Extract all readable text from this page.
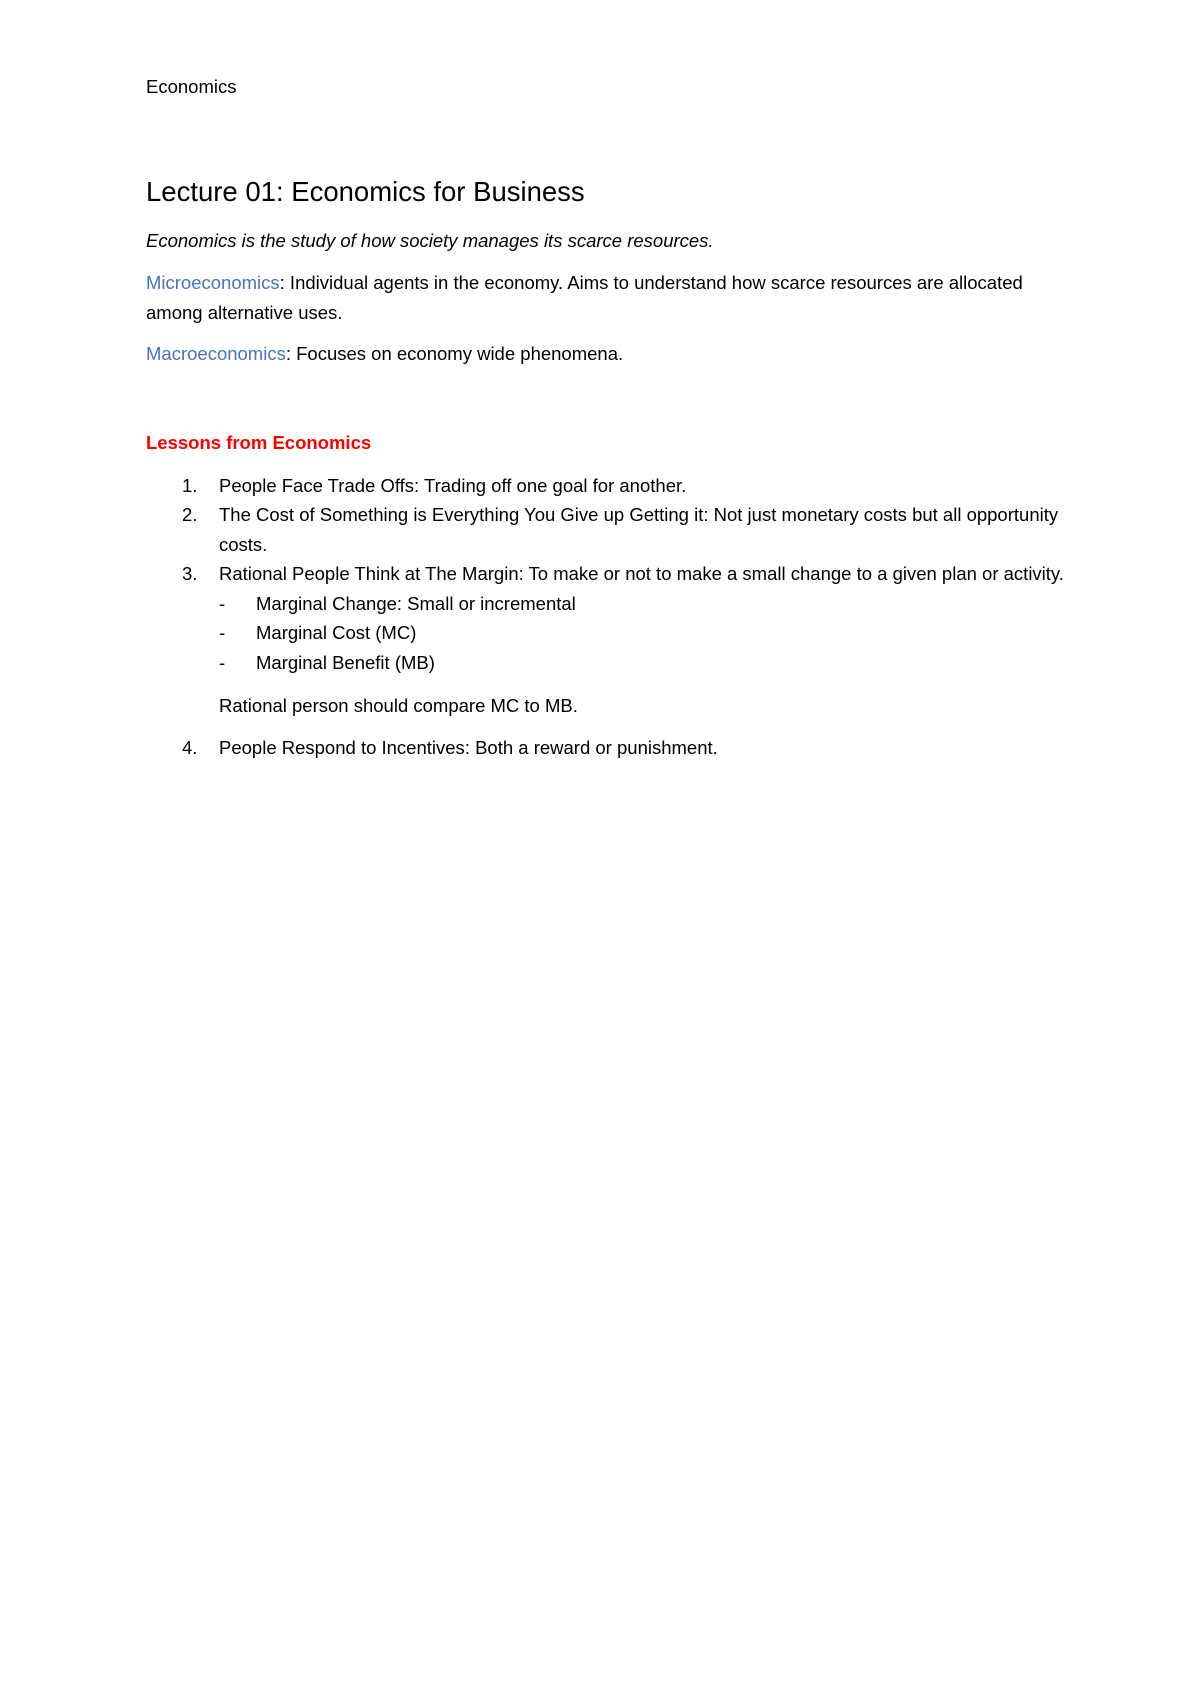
Economics

Lecture 01: Economics for Business

Economics is the study of how society manages its scarce resources.

Microeconomics: Individual agents in the economy. Aims to understand how scarce resources are allocated among alternative uses.

Macroeconomics: Focuses on economy wide phenomena.

Lessons from Economics
1. People Face Trade Offs: Trading off one goal for another.
2. The Cost of Something is Everything You Give up Getting it: Not just monetary costs but all opportunity costs.
3. Rational People Think at The Margin: To make or not to make a small change to a given plan or activity.
- Marginal Change: Small or incremental
- Marginal Cost (MC)
- Marginal Benefit (MB)

Rational person should compare MC to MB.

4. People Respond to Incentives: Both a reward or punishment.
